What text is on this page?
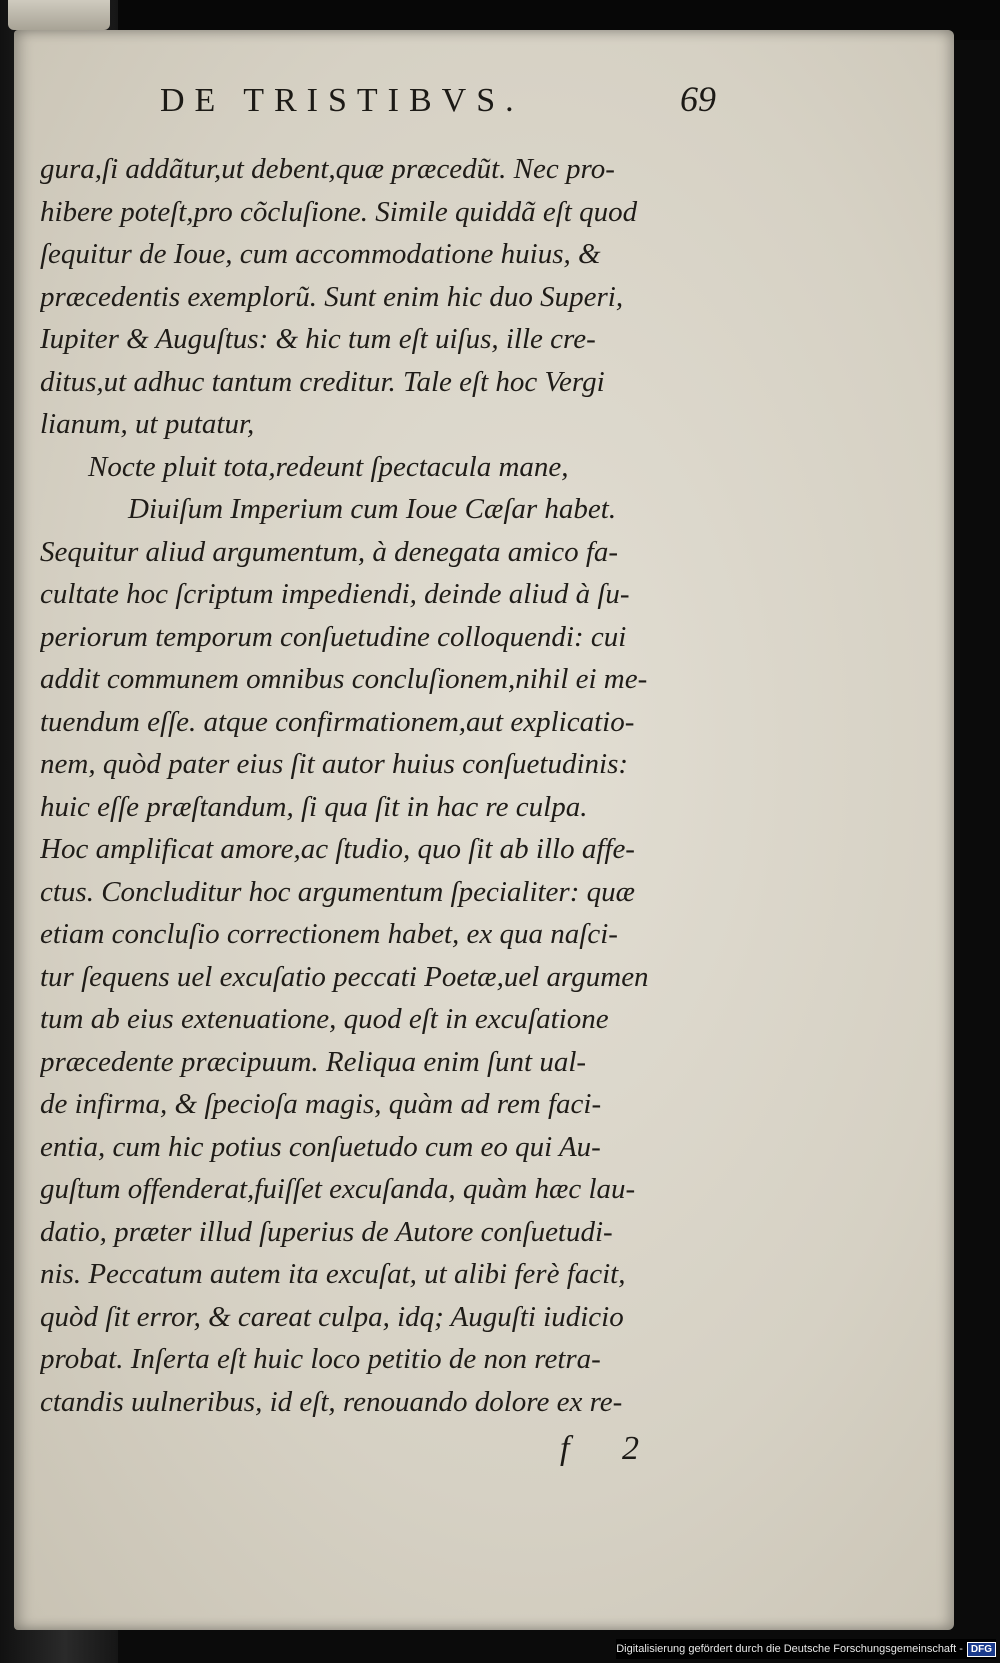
DE TRISTIBVS.	69
gura,ſi addãtur,ut debent,quæ præcedũt. Nec pro-
hibere poteſt,pro cõcluſione. Simile quiddã eſt quod
ſequitur de Ioue, cum accommodatione huius, &
præcedentis exemplorũ. Sunt enim hic duo Superi,
Iupiter & Auguſtus: & hic tum eſt uiſus, ille cre-
ditus,ut adhuc tantum creditur. Tale eſt hoc Vergi
lianum, ut putatur,
Nocte pluit tota,redeunt ſpectacula mane,
Diuiſum Imperium cum Ioue Cæſar habet.
Sequitur aliud argumentum, à denegata amico fa-
cultate hoc ſcriptum impediendi, deinde aliud à ſu-
periorum temporum conſuetudine colloquendi: cui
addit communem omnibus concluſionem,nihil ei me-
tuendum eſſe. atque confirmationem,aut explicatio-
nem, quòd pater eius ſit autor huius conſuetudinis:
huic eſſe præſtandum, ſi qua ſit in hac re culpa.
Hoc amplificat amore,ac ſtudio, quo ſit ab illo affe-
ctus. Concluditur hoc argumentum ſpecialiter: quæ
etiam concluſio correctionem habet, ex qua naſci-
tur ſequens uel excuſatio peccati Poetæ,uel argumen
tum ab eius extenuatione, quod eſt in excuſatione
præcedente præcipuum. Reliqua enim ſunt ual-
de infirma, & ſpecioſa magis, quàm ad rem faci-
entia, cum hic potius conſuetudo cum eo qui Au-
guſtum offenderat,fuiſſet excuſanda, quàm hæc lau-
datio, præter illud ſuperius de Autore conſuetudi-
nis. Peccatum autem ita excuſat, ut alibi ferè facit,
quòd ſit error, & careat culpa, idq; Auguſti iudicio
probat. Inſerta eſt huic loco petitio de non retra-
ctandis uulneribus, id eſt, renouando dolore ex re-
f 2
Digitalisierung gefördert durch die Deutsche Forschungsgemeinschaft - DFG
